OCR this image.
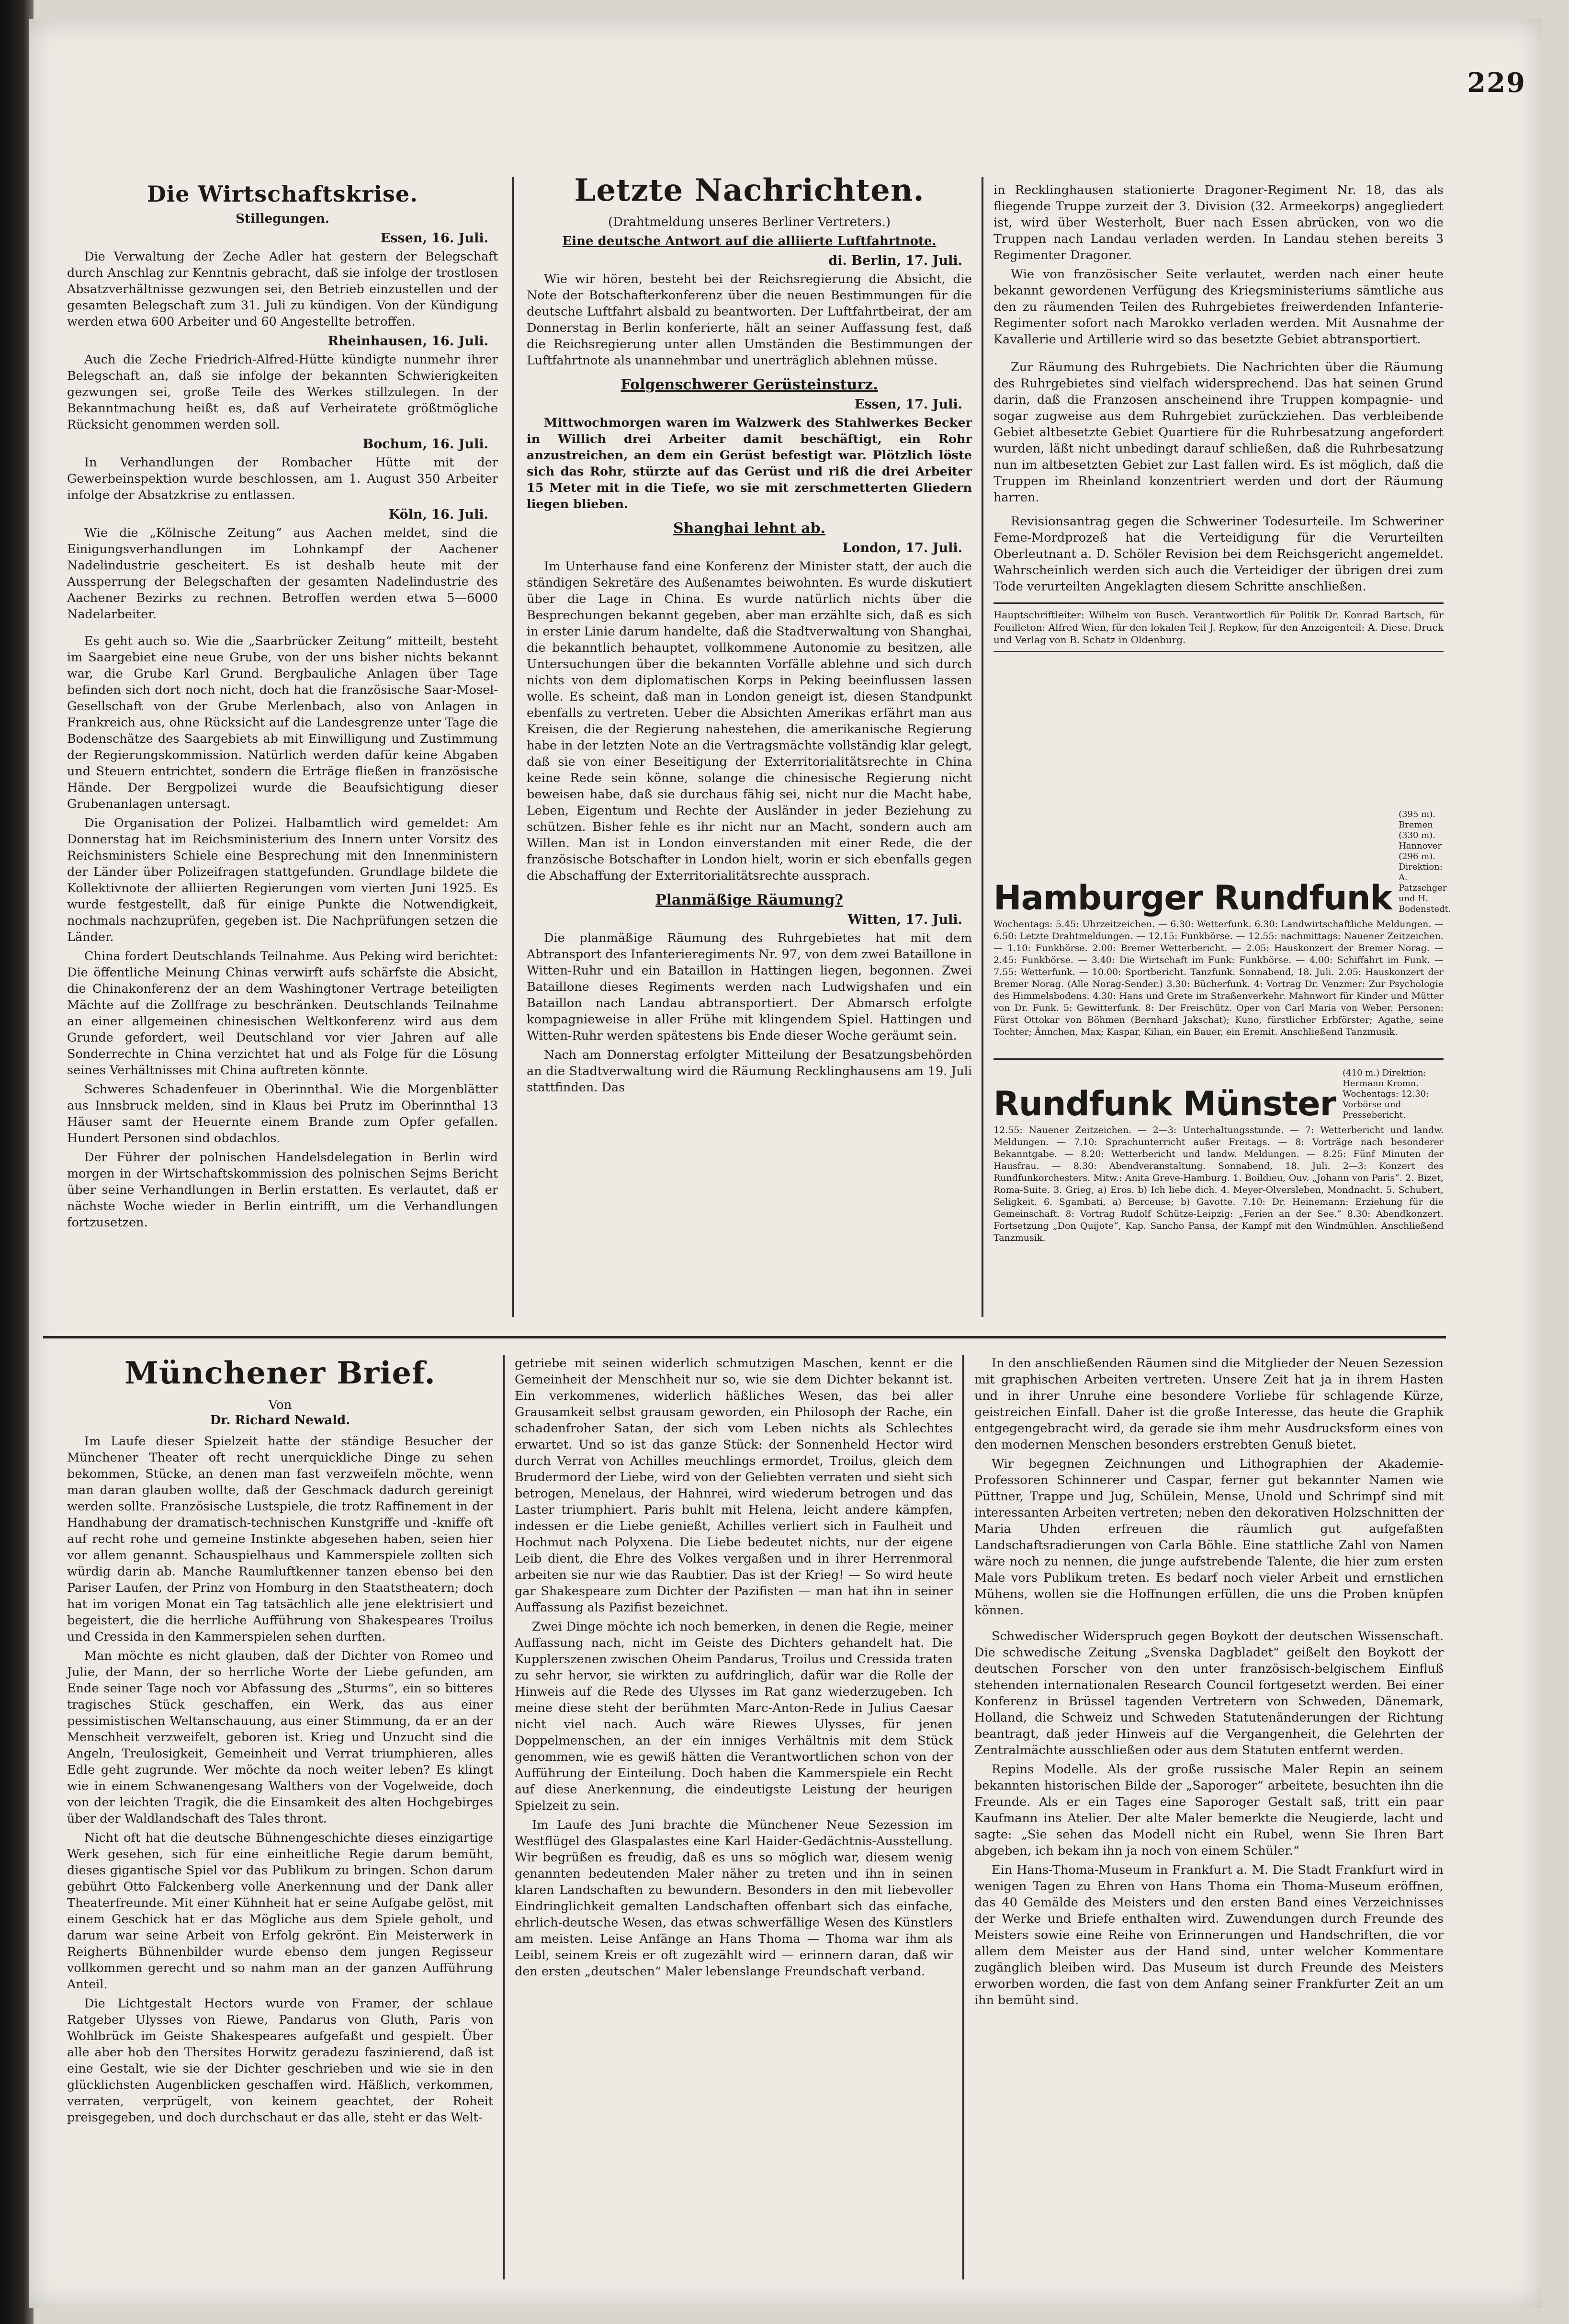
229
Die Wirtschaftskrise.
Stillegungen.
Essen, 16. Juli.

Die Verwaltung der Zeche Adler hat gestern der Belegschaft durch Anschlag zur Kenntnis gebracht, daß sie infolge der trostlosen Absatzverhältnisse gezwungen sei, den Betrieb einzustellen und der gesamten Belegschaft zum 31. Juli zu kündigen. Von der Kündigung werden etwa 600 Arbeiter und 60 Angestellte betroffen.

Rheinhausen, 16. Juli.

Auch die Zeche Friedrich-Alfred-Hütte kündigte nunmehr ihrer Belegschaft an, daß sie infolge der bekannten Schwierigkeiten gezwungen sei, große Teile des Werkes stillzulegen. In der Bekanntmachung heißt es, daß auf Verheiratete größtmögliche Rücksicht genommen werden soll.

Bochum, 16. Juli.

In Verhandlungen der Rombacher Hütte mit der Gewerbeinspektion wurde beschlossen, am 1. August 350 Arbeiter infolge der Absatzkrise zu entlassen.

Köln, 16. Juli.

Wie die „Kölnische Zeitung“ aus Aachen meldet, sind die Einigungsverhandlungen im Lohnkampf der Aachener Nadelindustrie gescheitert. Es ist deshalb heute mit der Aussperrung der Belegschaften der gesamten Nadelindustrie des Aachener Bezirks zu rechnen. Betroffen werden etwa 5—6000 Nadelarbeiter.

Es geht auch so. Wie die „Saarbrücker Zeitung“ mitteilt, besteht im Saargebiet eine neue Grube, von der uns bisher nichts bekannt war, die Grube Karl Grund. Bergbauliche Anlagen über Tage befinden sich dort noch nicht, doch hat die französische Saar-Mosel-Gesellschaft von der Grube Merlenbach, also von Anlagen in Frankreich aus, ohne Rücksicht auf die Landesgrenze unter Tage die Bodenschätze des Saargebiets ab mit Einwilligung und Zustimmung der Regierungskommission. Natürlich werden dafür keine Abgaben und Steuern entrichtet, sondern die Erträge fließen in französische Hände. Der Bergpolizei wurde die Beaufsichtigung dieser Grubenanlagen untersagt.

Die Organisation der Polizei. Halbamtlich wird gemeldet: Am Donnerstag hat im Reichsministerium des Innern unter Vorsitz des Reichsministers Schiele eine Besprechung mit den Innenministern der Länder über Polizeifragen stattgefunden. Grundlage bildete die Kollektivnote der alliierten Regierungen vom vierten Juni 1925. Es wurde festgestellt, daß für einige Punkte die Notwendigkeit, nochmals nachzuprüfen, gegeben ist. Die Nachprüfungen setzen die Länder.

China fordert Deutschlands Teilnahme. Aus Peking wird berichtet: Die öffentliche Meinung Chinas verwirft aufs schärfste die Absicht, die Chinakonferenz der an dem Washingtoner Vertrage beteiligten Mächte auf die Zollfrage zu beschränken. Deutschlands Teilnahme an einer allgemeinen chinesischen Weltkonferenz wird aus dem Grunde gefordert, weil Deutschland vor vier Jahren auf alle Sonderrechte in China verzichtet hat und als Folge für die Lösung seines Verhältnisses mit China auftreten könnte.

Schweres Schadenfeuer in Oberinnthal. Wie die Morgenblätter aus Innsbruck melden, sind in Klaus bei Prutz im Oberinnthal 13 Häuser samt der Heuernte einem Brande zum Opfer gefallen. Hundert Personen sind obdachlos.

Der Führer der polnischen Handelsdelegation in Berlin wird morgen in der Wirtschaftskommission des polnischen Sejms Bericht über seine Verhandlungen in Berlin erstatten. Es verlautet, daß er nächste Woche wieder in Berlin eintrifft, um die Verhandlungen fortzusetzen.

Letzte Nachrichten.
(Drahtmeldung unseres Berliner Vertreters.)
Eine deutsche Antwort auf die alliierte Luftfahrtnote.
di. Berlin, 17. Juli.

Wie wir hören, besteht bei der Reichsregierung die Absicht, die Note der Botschafterkonferenz über die neuen Bestimmungen für die deutsche Luftfahrt alsbald zu beantworten. Der Luftfahrtbeirat, der am Donnerstag in Berlin konferierte, hält an seiner Auffassung fest, daß die Reichsregierung unter allen Umständen die Bestimmungen der Luftfahrtnote als unannehmbar und unerträglich ablehnen müsse.

Folgenschwerer Gerüsteinsturz.
Essen, 17. Juli.

Mittwochmorgen waren im Walzwerk des Stahlwerkes Becker in Willich drei Arbeiter damit beschäftigt, ein Rohr anzustreichen, an dem ein Gerüst befestigt war. Plötzlich löste sich das Rohr, stürzte auf das Gerüst und riß die drei Arbeiter 15 Meter mit in die Tiefe, wo sie mit zerschmetterten Gliedern liegen blieben.

Shanghai lehnt ab.
London, 17. Juli.

Im Unterhause fand eine Konferenz der Minister statt, der auch die ständigen Sekretäre des Außenamtes beiwohnten. Es wurde diskutiert über die Lage in China. Es wurde natürlich nichts über die Besprechungen bekannt gegeben, aber man erzählte sich, daß es sich in erster Linie darum handelte, daß die Stadtverwaltung von Shanghai, die bekanntlich behauptet, vollkommene Autonomie zu besitzen, alle Untersuchungen über die bekannten Vorfälle ablehne und sich durch nichts von dem diplomatischen Korps in Peking beeinflussen lassen wolle. Es scheint, daß man in London geneigt ist, diesen Standpunkt ebenfalls zu vertreten. Ueber die Absichten Amerikas erfährt man aus Kreisen, die der Regierung nahestehen, die amerikanische Regierung habe in der letzten Note an die Vertragsmächte vollständig klar gelegt, daß sie von einer Beseitigung der Exterritorialitätsrechte in China keine Rede sein könne, solange die chinesische Regierung nicht beweisen habe, daß sie durchaus fähig sei, nicht nur die Macht habe, Leben, Eigentum und Rechte der Ausländer in jeder Beziehung zu schützen. Bisher fehle es ihr nicht nur an Macht, sondern auch am Willen. Man ist in London einverstanden mit einer Rede, die der französische Botschafter in London hielt, worin er sich ebenfalls gegen die Abschaffung der Exterritorialitätsrechte aussprach.

Planmäßige Räumung?
Witten, 17. Juli.

Die planmäßige Räumung des Ruhrgebietes hat mit dem Abtransport des Infanterieregiments Nr. 97, von dem zwei Bataillone in Witten-Ruhr und ein Bataillon in Hattingen liegen, begonnen. Zwei Bataillone dieses Regiments werden nach Ludwigshafen und ein Bataillon nach Landau abtransportiert. Der Abmarsch erfolgte kompagnieweise in aller Frühe mit klingendem Spiel. Hattingen und Witten-Ruhr werden spätestens bis Ende dieser Woche geräumt sein.

Nach am Donnerstag erfolgter Mitteilung der Besatzungsbehörden an die Stadtverwaltung wird die Räumung Recklinghausens am 19. Juli stattfinden. Das

in Recklinghausen stationierte Dragoner-Regiment Nr. 18, das als fliegende Truppe zurzeit der 3. Division (32. Armeekorps) angegliedert ist, wird über Westerholt, Buer nach Essen abrücken, von wo die Truppen nach Landau verladen werden. In Landau stehen bereits 3 Regimenter Dragoner.

Wie von französischer Seite verlautet, werden nach einer heute bekannt gewordenen Verfügung des Kriegsministeriums sämtliche aus den zu räumenden Teilen des Ruhrgebietes freiwerdenden Infanterie-Regimenter sofort nach Marokko verladen werden. Mit Ausnahme der Kavallerie und Artillerie wird so das besetzte Gebiet abtransportiert.

Zur Räumung des Ruhrgebiets. Die Nachrichten über die Räumung des Ruhrgebietes sind vielfach widersprechend. Das hat seinen Grund darin, daß die Franzosen anscheinend ihre Truppen kompagnie- und sogar zugweise aus dem Ruhrgebiet zurückziehen. Das verbleibende Gebiet altbesetzte Gebiet Quartiere für die Ruhrbesatzung angefordert wurden, läßt nicht unbedingt darauf schließen, daß die Ruhrbesatzung nun im altbesetzten Gebiet zur Last fallen wird. Es ist möglich, daß die Truppen im Rheinland konzentriert werden und dort der Räumung harren.

Revisionsantrag gegen die Schweriner Todesurteile. Im Schweriner Feme-Mordprozeß hat die Verteidigung für die Verurteilten Oberleutnant a. D. Schöler Revision bei dem Reichsgericht angemeldet. Wahrscheinlich werden sich auch die Verteidiger der übrigen drei zum Tode verurteilten Angeklagten diesem Schritte anschließen.

Hauptschriftleiter: Wilhelm von Busch. Verantwortlich für Politik Dr. Konrad Bartsch, für Feuilleton: Alfred Wien, für den lokalen Teil J. Repkow, für den Anzeigenteil: A. Diese. Druck und Verlag von B. Schatz in Oldenburg.
Hamburger Rundfunk
(395 m). Bremen (330 m). Hannover (296 m). Direktion: A. Patzschger und H. Bodenstedt.
Wochentags: 5.45: Uhrzeitzeichen. — 6.30: Wetterfunk. 6.30: Landwirtschaftliche Meldungen. — 6.50: Letzte Drahtmeldungen. — 12.15: Funkbörse. — 12.55: nachmittags: Nauener Zeitzeichen. — 1.10: Funkbörse. 2.00: Bremer Wetterbericht. — 2.05: Hauskonzert der Bremer Norag. — 2.45: Funkbörse. — 3.40: Die Wirtschaft im Funk: Funkbörse. — 4.00: Schiffahrt im Funk. — 7.55: Wetterfunk. — 10.00: Sportbericht. Tanzfunk. Sonnabend, 18. Juli. 2.05: Hauskonzert der Bremer Norag. (Alle Norag-Sender.) 3.30: Bücherfunk. 4: Vortrag Dr. Venzmer: Zur Psychologie des Himmelsbodens. 4.30: Hans und Grete im Straßenverkehr. Mahnwort für Kinder und Mütter von Dr. Funk. 5: Gewitterfunk. 8: Der Freischütz. Oper von Carl Maria von Weber. Personen: Fürst Ottokar von Böhmen (Bernhard Jakschat); Kuno, fürstlicher Erbförster; Agathe, seine Tochter; Ännchen, Max; Kaspar, Kilian, ein Bauer, ein Eremit. Anschließend Tanzmusik.
Rundfunk Münster
(410 m.) Direktion: Hermann Kromn. Wochentags: 12.30: Vorbörse und Pressebericht.
12.55: Nauener Zeitzeichen. — 2—3: Unterhaltungsstunde. — 7: Wetterbericht und landw. Meldungen. — 7.10: Sprachunterricht außer Freitags. — 8: Vorträge nach besonderer Bekanntgabe. — 8.20: Wetterbericht und landw. Meldungen. — 8.25: Fünf Minuten der Hausfrau. — 8.30: Abendveranstaltung. Sonnabend, 18. Juli. 2—3: Konzert des Rundfunkorchesters. Mitw.: Anita Greve-Hamburg. 1. Boildieu, Ouv. „Johann von Paris“. 2. Bizet, Roma-Suite. 3. Grieg, a) Eros. b) Ich liebe dich. 4. Meyer-Olversleben, Mondnacht. 5. Schubert, Seligkeit. 6. Sgambati, a) Berceuse; b) Gavotte. 7.10: Dr. Heinemann: Erziehung für die Gemeinschaft. 8: Vortrag Rudolf Schütze-Leipzig: „Ferien an der See.“ 8.30: Abendkonzert. Fortsetzung „Don Quijote“, Kap. Sancho Pansa, der Kampf mit den Windmühlen. Anschließend Tanzmusik.
Münchener Brief.
Von
Dr. Richard Newald.

Im Laufe dieser Spielzeit hatte der ständige Besucher der Münchener Theater oft recht unerquickliche Dinge zu sehen bekommen, Stücke, an denen man fast verzweifeln möchte, wenn man daran glauben wollte, daß der Geschmack dadurch gereinigt werden sollte. Französische Lustspiele, die trotz Raffinement in der Handhabung der dramatisch-technischen Kunstgriffe und -kniffe oft auf recht rohe und gemeine Instinkte abgesehen haben, seien hier vor allem genannt. Schauspielhaus und Kammerspiele zollten sich würdig darin ab. Manche Raumluftkenner tanzen ebenso bei den Pariser Laufen, der Prinz von Homburg in den Staatstheatern; doch hat im vorigen Monat ein Tag tatsächlich alle jene elektrisiert und begeistert, die die herrliche Aufführung von Shakespeares Troilus und Cressida in den Kammerspielen sehen durften.

Man möchte es nicht glauben, daß der Dichter von Romeo und Julie, der Mann, der so herrliche Worte der Liebe gefunden, am Ende seiner Tage noch vor Abfassung des „Sturms“, ein so bitteres tragisches Stück geschaffen, ein Werk, das aus einer pessimistischen Weltanschauung, aus einer Stimmung, da er an der Menschheit verzweifelt, geboren ist. Krieg und Unzucht sind die Angeln, Treulosigkeit, Gemeinheit und Verrat triumphieren, alles Edle geht zugrunde. Wer möchte da noch weiter leben? Es klingt wie in einem Schwanengesang Walthers von der Vogelweide, doch von der leichten Tragik, die die Einsamkeit des alten Hochgebirges über der Waldlandschaft des Tales thront.

Nicht oft hat die deutsche Bühnengeschichte dieses einzigartige Werk gesehen, sich für eine einheitliche Regie darum bemüht, dieses gigantische Spiel vor das Publikum zu bringen. Schon darum gebührt Otto Falckenberg volle Anerkennung und der Dank aller Theaterfreunde. Mit einer Kühnheit hat er seine Aufgabe gelöst, mit einem Geschick hat er das Mögliche aus dem Spiele geholt, und darum war seine Arbeit von Erfolg gekrönt. Ein Meisterwerk in Reigherts Bühnenbilder wurde ebenso dem jungen Regisseur vollkommen gerecht und so nahm man an der ganzen Aufführung Anteil.

Die Lichtgestalt Hectors wurde von Framer, der schlaue Ratgeber Ulysses von Riewe, Pandarus von Gluth, Paris von Wohlbrück im Geiste Shakespeares aufgefaßt und gespielt. Über alle aber hob den Thersites Horwitz geradezu faszinierend, daß ist eine Gestalt, wie sie der Dichter geschrieben und wie sie in den glücklichsten Augenblicken geschaffen wird. Häßlich, verkommen, verraten, verprügelt, von keinem geachtet, der Roheit preisgegeben, und doch durchschaut er das alle, steht er das Welt-

getriebe mit seinen widerlich schmutzigen Maschen, kennt er die Gemeinheit der Menschheit nur so, wie sie dem Dichter bekannt ist. Ein verkommenes, widerlich häßliches Wesen, das bei aller Grausamkeit selbst grausam geworden, ein Philosoph der Rache, ein schadenfroher Satan, der sich vom Leben nichts als Schlechtes erwartet. Und so ist das ganze Stück: der Sonnenheld Hector wird durch Verrat von Achilles meuchlings ermordet, Troilus, gleich dem Brudermord der Liebe, wird von der Geliebten verraten und sieht sich betrogen, Menelaus, der Hahnrei, wird wiederum betrogen und das Laster triumphiert. Paris buhlt mit Helena, leicht andere kämpfen, indessen er die Liebe genießt, Achilles verliert sich in Faulheit und Hochmut nach Polyxena. Die Liebe bedeutet nichts, nur der eigene Leib dient, die Ehre des Volkes vergaßen und in ihrer Herrenmoral arbeiten sie nur wie das Raubtier. Das ist der Krieg! — So wird heute gar Shakespeare zum Dichter der Pazifisten — man hat ihn in seiner Auffassung als Pazifist bezeichnet.

Zwei Dinge möchte ich noch bemerken, in denen die Regie, meiner Auffassung nach, nicht im Geiste des Dichters gehandelt hat. Die Kupplerszenen zwischen Oheim Pandarus, Troilus und Cressida traten zu sehr hervor, sie wirkten zu aufdringlich, dafür war die Rolle der Hinweis auf die Rede des Ulysses im Rat ganz wiederzugeben. Ich meine diese steht der berühmten Marc-Anton-Rede in Julius Caesar nicht viel nach. Auch wäre Riewes Ulysses, für jenen Doppelmenschen, an der ein inniges Verhältnis mit dem Stück genommen, wie es gewiß hätten die Verantwortlichen schon von der Aufführung der Einteilung. Doch haben die Kammerspiele ein Recht auf diese Anerkennung, die eindeutigste Leistung der heurigen Spielzeit zu sein.

Im Laufe des Juni brachte die Münchener Neue Sezession im Westflügel des Glaspalastes eine Karl Haider-Gedächtnis-Ausstellung. Wir begrüßen es freudig, daß es uns so möglich war, diesem wenig genannten bedeutenden Maler näher zu treten und ihn in seinen klaren Landschaften zu bewundern. Besonders in den mit liebevoller Eindringlichkeit gemalten Landschaften offenbart sich das einfache, ehrlich-deutsche Wesen, das etwas schwerfällige Wesen des Künstlers am meisten. Leise Anfänge an Hans Thoma — Thoma war ihm als Leibl, seinem Kreis er oft zugezählt wird — erinnern daran, daß wir den ersten „deutschen“ Maler lebenslange Freundschaft verband.

In den anschließenden Räumen sind die Mitglieder der Neuen Sezession mit graphischen Arbeiten vertreten. Unsere Zeit hat ja in ihrem Hasten und in ihrer Unruhe eine besondere Vorliebe für schlagende Kürze, geistreichen Einfall. Daher ist die große Interesse, das heute die Graphik entgegengebracht wird, da gerade sie ihm mehr Ausdrucksform eines von den modernen Menschen besonders erstrebten Genuß bietet.

Wir begegnen Zeichnungen und Lithographien der Akademie-Professoren Schinnerer und Caspar, ferner gut bekannter Namen wie Püttner, Trappe und Jug, Schülein, Mense, Unold und Schrimpf sind mit interessanten Arbeiten vertreten; neben den dekorativen Holzschnitten der Maria Uhden erfreuen die räumlich gut aufgefaßten Landschaftsradierungen von Carla Böhle. Eine stattliche Zahl von Namen wäre noch zu nennen, die junge aufstrebende Talente, die hier zum ersten Male vors Publikum treten. Es bedarf noch vieler Arbeit und ernstlichen Mühens, wollen sie die Hoffnungen erfüllen, die uns die Proben knüpfen können.

Schwedischer Widerspruch gegen Boykott der deutschen Wissenschaft. Die schwedische Zeitung „Svenska Dagbladet“ geißelt den Boykott der deutschen Forscher von den unter französisch-belgischem Einfluß stehenden internationalen Research Council fortgesetzt werden. Bei einer Konferenz in Brüssel tagenden Vertretern von Schweden, Dänemark, Holland, die Schweiz und Schweden Statutenänderungen der Richtung beantragt, daß jeder Hinweis auf die Vergangenheit, die Gelehrten der Zentralmächte ausschließen oder aus dem Statuten entfernt werden.

Repins Modelle. Als der große russische Maler Repin an seinem bekannten historischen Bilde der „Saporoger“ arbeitete, besuchten ihn die Freunde. Als er ein Tages eine Saporoger Gestalt saß, tritt ein paar Kaufmann ins Atelier. Der alte Maler bemerkte die Neugierde, lacht und sagte: „Sie sehen das Modell nicht ein Rubel, wenn Sie Ihren Bart abgeben, ich bekam ihn ja noch von einem Schüler.“

Ein Hans-Thoma-Museum in Frankfurt a. M. Die Stadt Frankfurt wird in wenigen Tagen zu Ehren von Hans Thoma ein Thoma-Museum eröffnen, das 40 Gemälde des Meisters und den ersten Band eines Verzeichnisses der Werke und Briefe enthalten wird. Zuwendungen durch Freunde des Meisters sowie eine Reihe von Erinnerungen und Handschriften, die vor allem dem Meister aus der Hand sind, unter welcher Kommentare zugänglich bleiben wird. Das Museum ist durch Freunde des Meisters erworben worden, die fast von dem Anfang seiner Frankfurter Zeit an um ihn bemüht sind.
